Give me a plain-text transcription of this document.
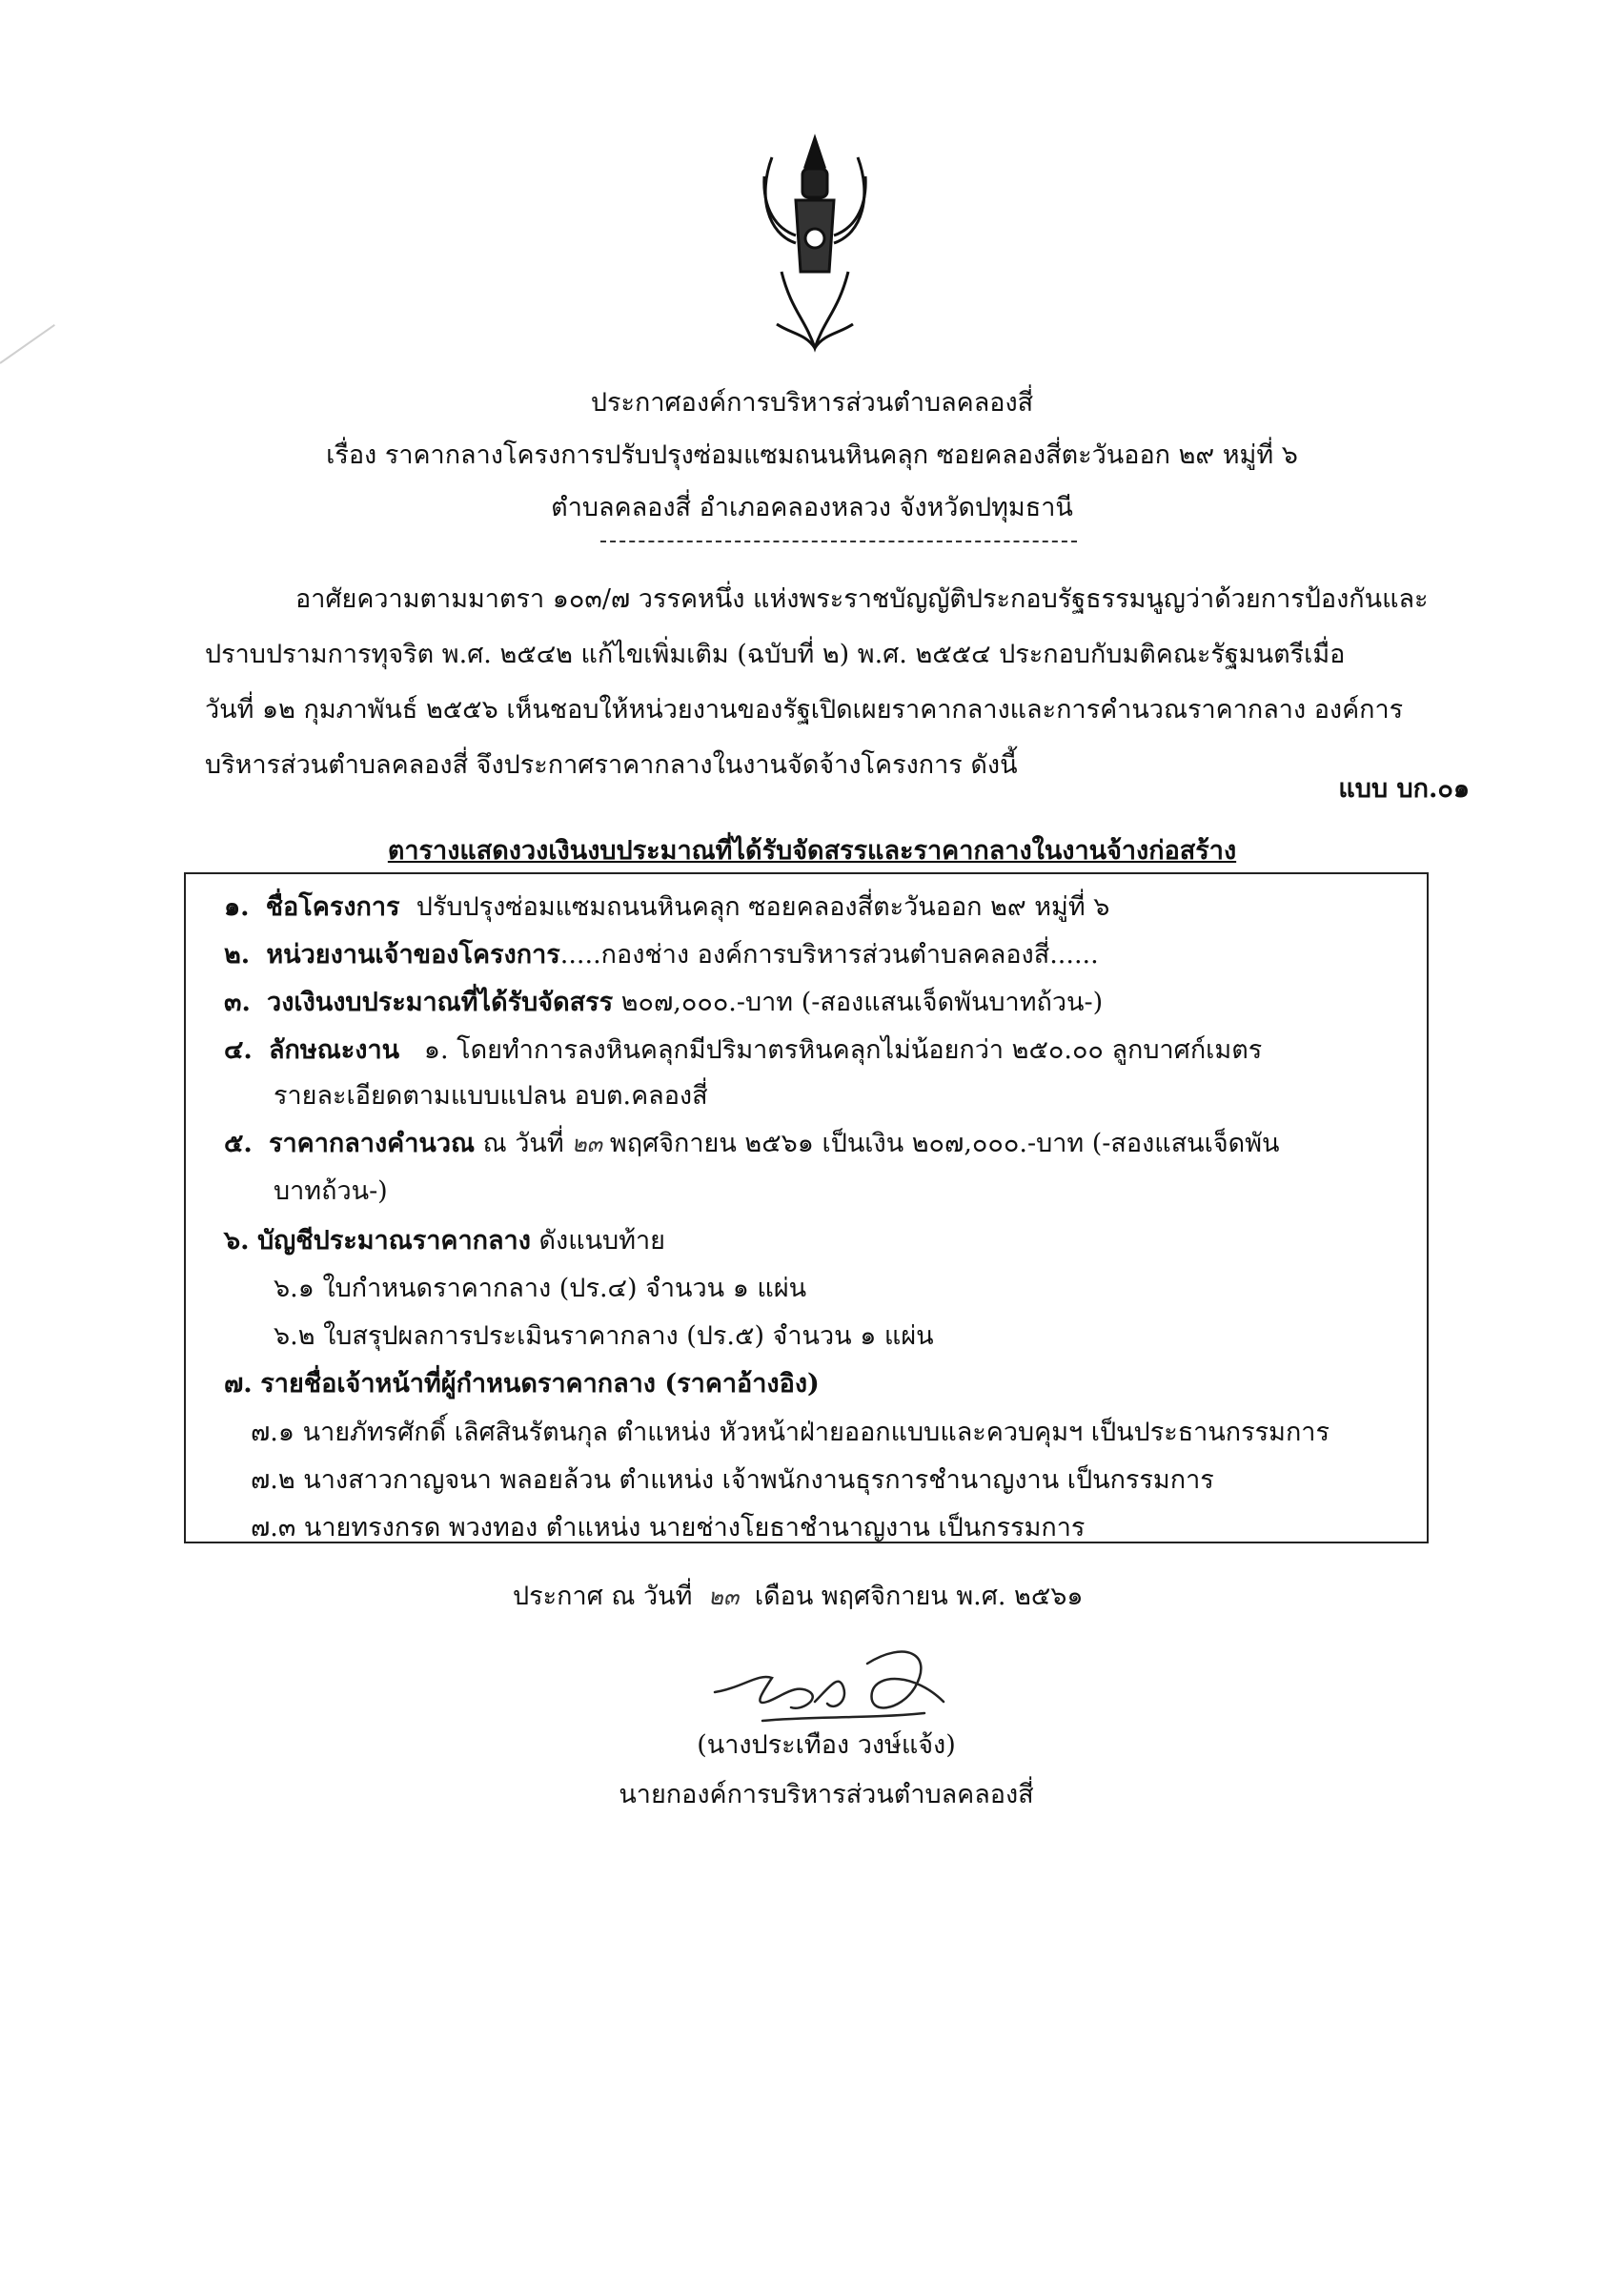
ประกาศองค์การบริหารส่วนตำบลคลองสี่
เรื่อง ราคากลางโครงการปรับปรุงซ่อมแซมถนนหินคลุก ซอยคลองสี่ตะวันออก ๒๙ หมู่ที่ ๖
ตำบลคลองสี่ อำเภอคลองหลวง จังหวัดปทุมธานี
อาศัยความตามมาตรา ๑๐๓/๗ วรรคหนึ่ง แห่งพระราชบัญญัติประกอบรัฐธรรมนูญว่าด้วยการป้องกันและ
ปราบปรามการทุจริต พ.ศ. ๒๕๔๒ แก้ไขเพิ่มเติม (ฉบับที่ ๒) พ.ศ. ๒๕๕๔ ประกอบกับมติคณะรัฐมนตรีเมื่อ
วันที่ ๑๒ กุมภาพันธ์ ๒๕๕๖ เห็นชอบให้หน่วยงานของรัฐเปิดเผยราคากลางและการคำนวณราคากลาง องค์การ
บริหารส่วนตำบลคลองสี่ จึงประกาศราคากลางในงานจัดจ้างโครงการ ดังนี้
แบบ บก.๐๑
ตารางแสดงวงเงินงบประมาณที่ได้รับจัดสรรและราคากลางในงานจ้างก่อสร้าง
๑. ชื่อโครงการ ปรับปรุงซ่อมแซมถนนหินคลุก ซอยคลองสี่ตะวันออก ๒๙ หมู่ที่ ๖
๒. หน่วยงานเจ้าของโครงการ.....กองช่าง องค์การบริหารส่วนตำบลคลองสี่......
๓. วงเงินงบประมาณที่ได้รับจัดสรร ๒๐๗,๐๐๐.-บาท (-สองแสนเจ็ดพันบาทถ้วน-)
๔. ลักษณะงาน ๑. โดยทำการลงหินคลุกมีปริมาตรหินคลุกไม่น้อยกว่า ๒๕๐.๐๐ ลูกบาศก์เมตร
รายละเอียดตามแบบแปลน อบต.คลองสี่
๕. ราคากลางคำนวณ ณ วันที่ ๒๓ พฤศจิกายน ๒๕๖๑ เป็นเงิน ๒๐๗,๐๐๐.-บาท (-สองแสนเจ็ดพัน
บาทถ้วน-)
๖. บัญชีประมาณราคากลาง ดังแนบท้าย
๖.๑ ใบกำหนดราคากลาง (ปร.๔) จำนวน ๑ แผ่น
๖.๒ ใบสรุปผลการประเมินราคากลาง (ปร.๕) จำนวน ๑ แผ่น
๗. รายชื่อเจ้าหน้าที่ผู้กำหนดราคากลาง (ราคาอ้างอิง)
๗.๑ นายภัทรศักดิ์ เลิศสินรัตนกุล ตำแหน่ง หัวหน้าฝ่ายออกแบบและควบคุมฯ เป็นประธานกรรมการ
๗.๒ นางสาวกาญจนา พลอยล้วน ตำแหน่ง เจ้าพนักงานธุรการชำนาญงาน เป็นกรรมการ
๗.๓ นายทรงกรด พวงทอง ตำแหน่ง นายช่างโยธาชำนาญงาน เป็นกรรมการ
ประกาศ ณ วันที่ ๒๓ เดือน พฤศจิกายน พ.ศ. ๒๕๖๑
(นางประเทือง วงษ์แจ้ง)
นายกองค์การบริหารส่วนตำบลคลองสี่
